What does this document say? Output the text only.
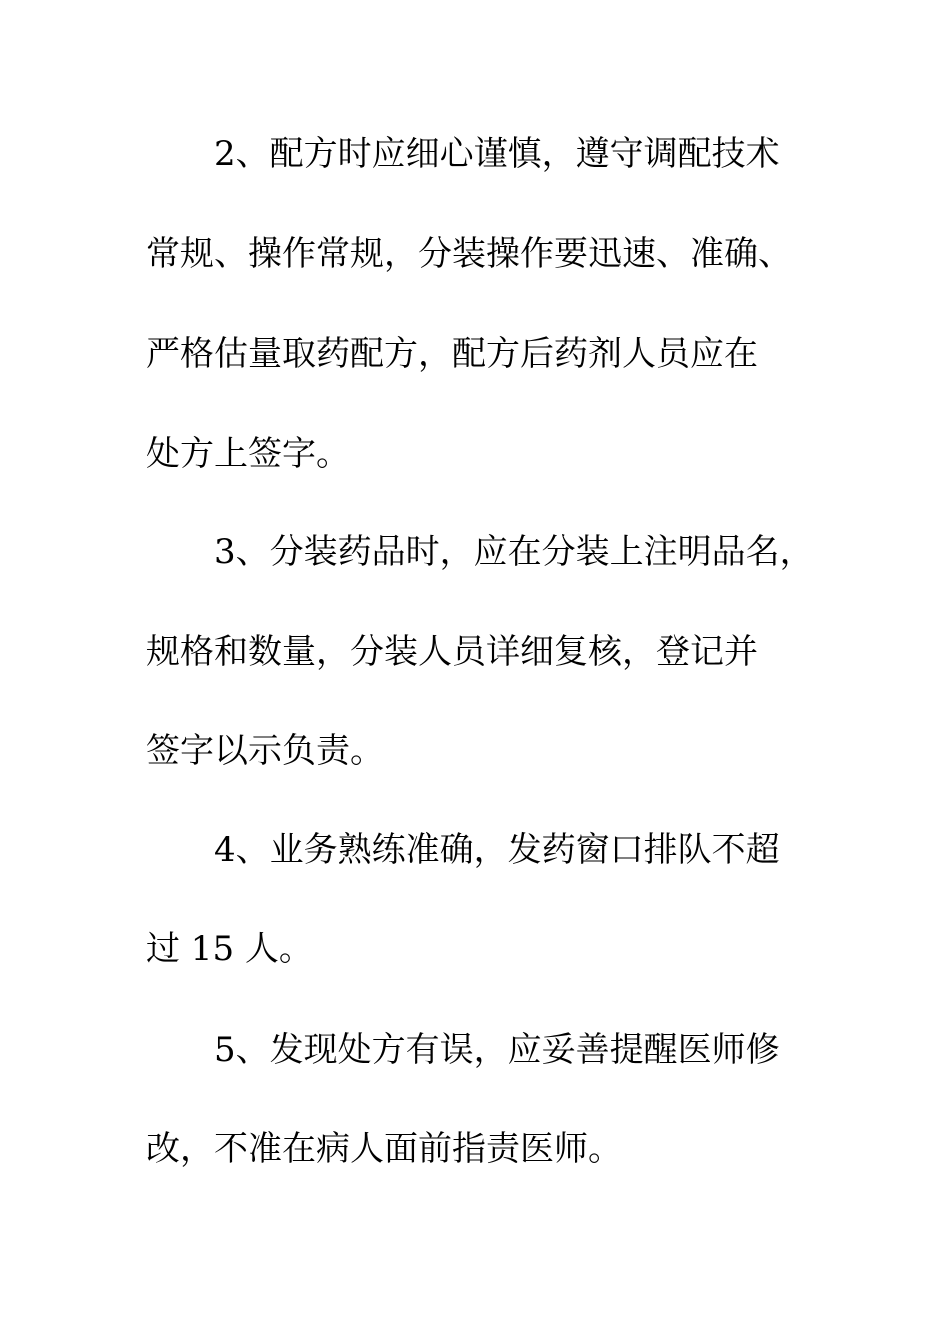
2、配方时应细心谨慎，遵守调配技术
常规、操作常规，分装操作要迅速、准确、
严格估量取药配方，配方后药剂人员应在
处方上签字。
3、分装药品时，应在分装上注明品名，
规格和数量，分装人员详细复核，登记并
签字以示负责。
4、业务熟练准确，发药窗口排队不超
过 15 人。
5、发现处方有误，应妥善提醒医师修
改，不准在病人面前指责医师。
